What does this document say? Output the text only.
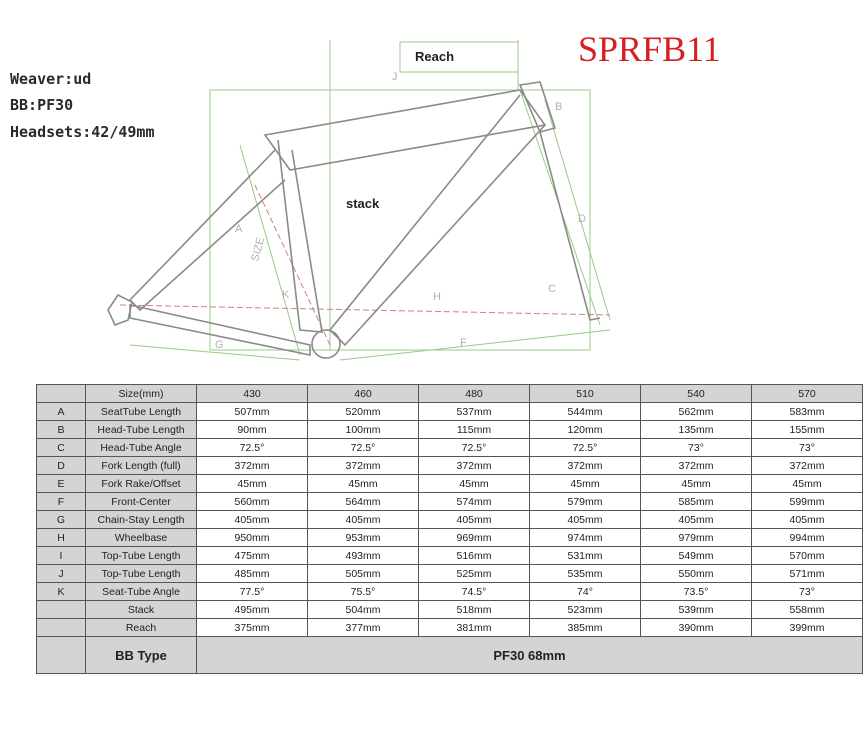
Weaver:ud
BB:PF30
Headsets:42/49mm
SPRFB11
Reach
stack
J
B
D
C
H
F
G
A
SIZE
K
	Size(mm)	430	460	480	510	540	570
A	SeatTube Length	507mm	520mm	537mm	544mm	562mm	583mm
B	Head-Tube Length	90mm	100mm	115mm	120mm	135mm	155mm
C	Head-Tube Angle	72.5°	72.5°	72.5°	72.5°	73°	73°
D	Fork Length (full)	372mm	372mm	372mm	372mm	372mm	372mm
E	Fork Rake/Offset	45mm	45mm	45mm	45mm	45mm	45mm
F	Front-Center	560mm	564mm	574mm	579mm	585mm	599mm
G	Chain-Stay Length	405mm	405mm	405mm	405mm	405mm	405mm
H	Wheelbase	950mm	953mm	969mm	974mm	979mm	994mm
I	Top-Tube Length	475mm	493mm	516mm	531mm	549mm	570mm
J	Top-Tube Length	485mm	505mm	525mm	535mm	550mm	571mm
K	Seat-Tube Angle	77.5°	75.5°	74.5°	74°	73.5°	73°
	Stack	495mm	504mm	518mm	523mm	539mm	558mm
	Reach	375mm	377mm	381mm	385mm	390mm	399mm
	BB Type	PF30 68mm					
